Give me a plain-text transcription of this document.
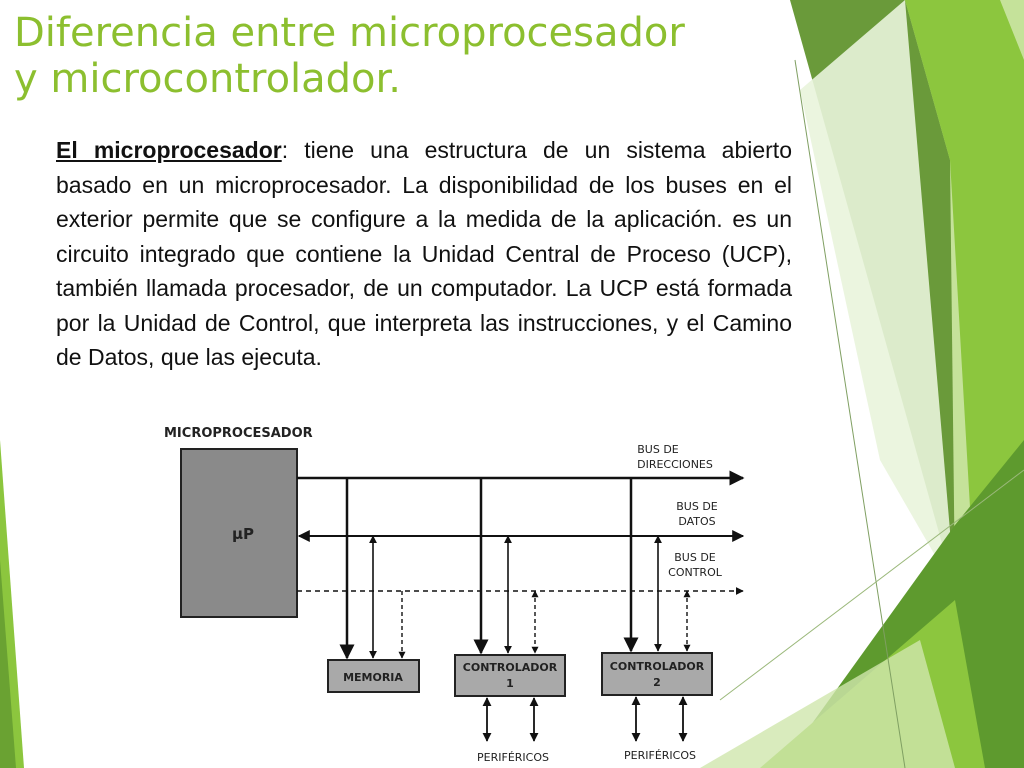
Diferencia entre microprocesador
y microcontrolador.

El microprocesador: tiene una estructura de un sistema abierto basado en un microprocesador. La disponibilidad de los buses en el exterior permite que se configure a la medida de la aplicación. es un circuito integrado que contiene la Unidad Central de Proceso (UCP), también llamada procesador, de un computador. La UCP está formada por la Unidad de Control, que interpreta las instrucciones, y el Camino de Datos, que las ejecuta.

MICROPROCESADOR
µP
BUS DE
DIRECCIONES
BUS DE
DATOS
BUS DE
CONTROL
MEMORIA
CONTROLADOR
1
CONTROLADOR
2
PERIFÉRICOS	PERIFÉRICOS
